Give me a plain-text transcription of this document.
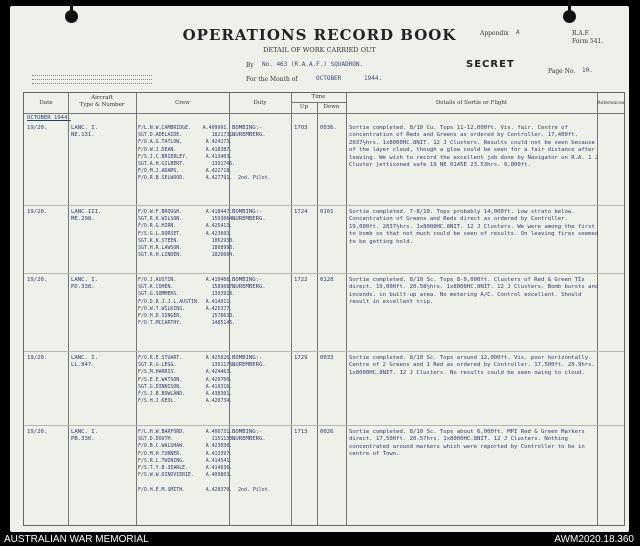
OPERATIONS RECORD BOOK
DETAIL OF WORK CARRIED OUT
Appendix A	R.A.F.
Form 541.
By No. 463 (R.A.A.F.) SQUADRON.
For the Month of	OCTOBER	1944.
SECRET
Page No. 10.
Date
Aircraft
Type & Number	Crew	Duty
Time
Up	Down
Details of Sortie or Flight	References
OCTOBER 1944.
19/20.	LANC. I.
NE.131.
F/L.N.W.CAMBRIDGE.    A.409991.
SGT.D.ADELAIDE.          1821731.
F/O.A.G.TATLOW.        A.424173.
F/O.W.J.DEAN.          A.418387.
F/S.J.C.BRIERLEY.      A.413403.
SGT.A.H.GILBERT.         1391746.
F/O.M.J.ADAMS.         A.422718.
F/O.R.B.SELWOOD.       A.427791.  2nd. Pilot.
BOMBING:-
NUREMBERG.
1703 0036. Sortie completed. 8/10 Cu. Tops 11-12,000ft. Vis. fair. Centre of concentration of Reds and Greens as ordered by Controller. 17,400ft. 2037½hrs. 1x8000HC.8NIT. 12 J Clusters. Results could not be seen because of the layer cloud, though a glow could be seen for a fair distance after leaving. We wish to record the excellent job done by Navigator on R.A. 1 J Cluster jettisoned safe 19 NE 0145E 23.53hrs. 9,000ft.
19/20.	LANC.III.
ME.298.
F/O.W.F.BROUGH.        A.418447.
SGT.R.K.WILSON.          1593064.
F/O.R.G.HIRN.          A.425413.
F/S.G.L.DORSET.        A.423603.
SGT.K.K.STEEN.           1062930.
SGT.H.R.LAWSON.          1808990.
SGT.R.H.LINDEN.          1826604.
BOMBING:-
NUREMBERG.
1724 0101	Sortie completed. 7-8/10. Tops probably 14,000ft. Low strato below. Concentration of Greens and Reds direct as ordered by Controller. 19,000ft. 2037½hrs. 1x8000HC.8NIT. 12 J Clusters. We were among the first to bomb so that not much could be seen of results. On leaving fires seemed to be getting hold.
19/20.	LANC. I.
PD.338.
F/O.J.AUSTIN.          A.410408.
SGT.K.COHEN.             1589087.
SGT.G.SOMMERS.           1393910.
F/O.D.R.J.J.L.AUSTIN.  A.414911.
F/O.W.T.WILKINS.       A.425377.
F/O.H.D.SINGER.          1578633.
F/O.T.MCCARTHY.          1485145.
BOMBING:-
NUREMBERG.
1722 0128	Sortie completed. 8/10 Sc. Tops 8-9,000ft. Clusters of Red & Green TIs direct. 19,000ft. 20.58½hrs. 1x8000HC.8NIT. 12 J Clusters. Bomb bursts and incends. in built-up area. No metering A/C. Control excellent. Should result in excellent trip.
19/20.	LANC. I.
LL.847.
F/O.R.E.STUART.        A.425026.
SGT.R.G.LEGG.            1391176.
F/S.M.HARRIS.          A.424463.
F/S.E.E.WATSON.        A.429700.
SGT.G.DINNISON.        A.419316.
F/S.J.B.BOWLAND.       A.438301.
F/S.H.J.KEOL.          A.420734.
BOMBING:-
NUREMBERG.
1729 0033	Sortie completed. 8/10 Sc. Tops around 12,000ft. Vis. poor horizontally. Centre of 2 Greens and 1 Red as ordered by Controller. 17,500ft. 20.9hrs. 1x8000HC.8NIT. 12 J Clusters. No results could be seen owing to cloud.
19/20.	LANC. I.
PB.330.
F/L.H.W.BARFORD.       A.406731.
SGT.D.DOUTH.             1151130.
F/O.B.C.WALSHAW.       A.423030.
F/O.M.H.TURNER.        A.413397.
F/S.R.L.TWINING.       A.414541.
F/S.T.Y.B.SEARLE.      A.414636.
F/S.W.W.DINOVIERIE.    A.409803.

F/O.H.E.M.SMITH.       A.428370.  2nd. Pilot.
BOMBING:-
NUREMBERG.
1713 0026	Sortie completed. 8/10 Sc. Tops about 6,000ft. MPI Red & Green Markers direct. 17,500ft. 20.57hrs. 1x8000HC.8NIT. 12 J Clusters. Nothing concentrated around markers which were reported by Controller to be in centre of Town.
AUSTRALIAN WAR MEMORIAL	AWM2020.18.360
